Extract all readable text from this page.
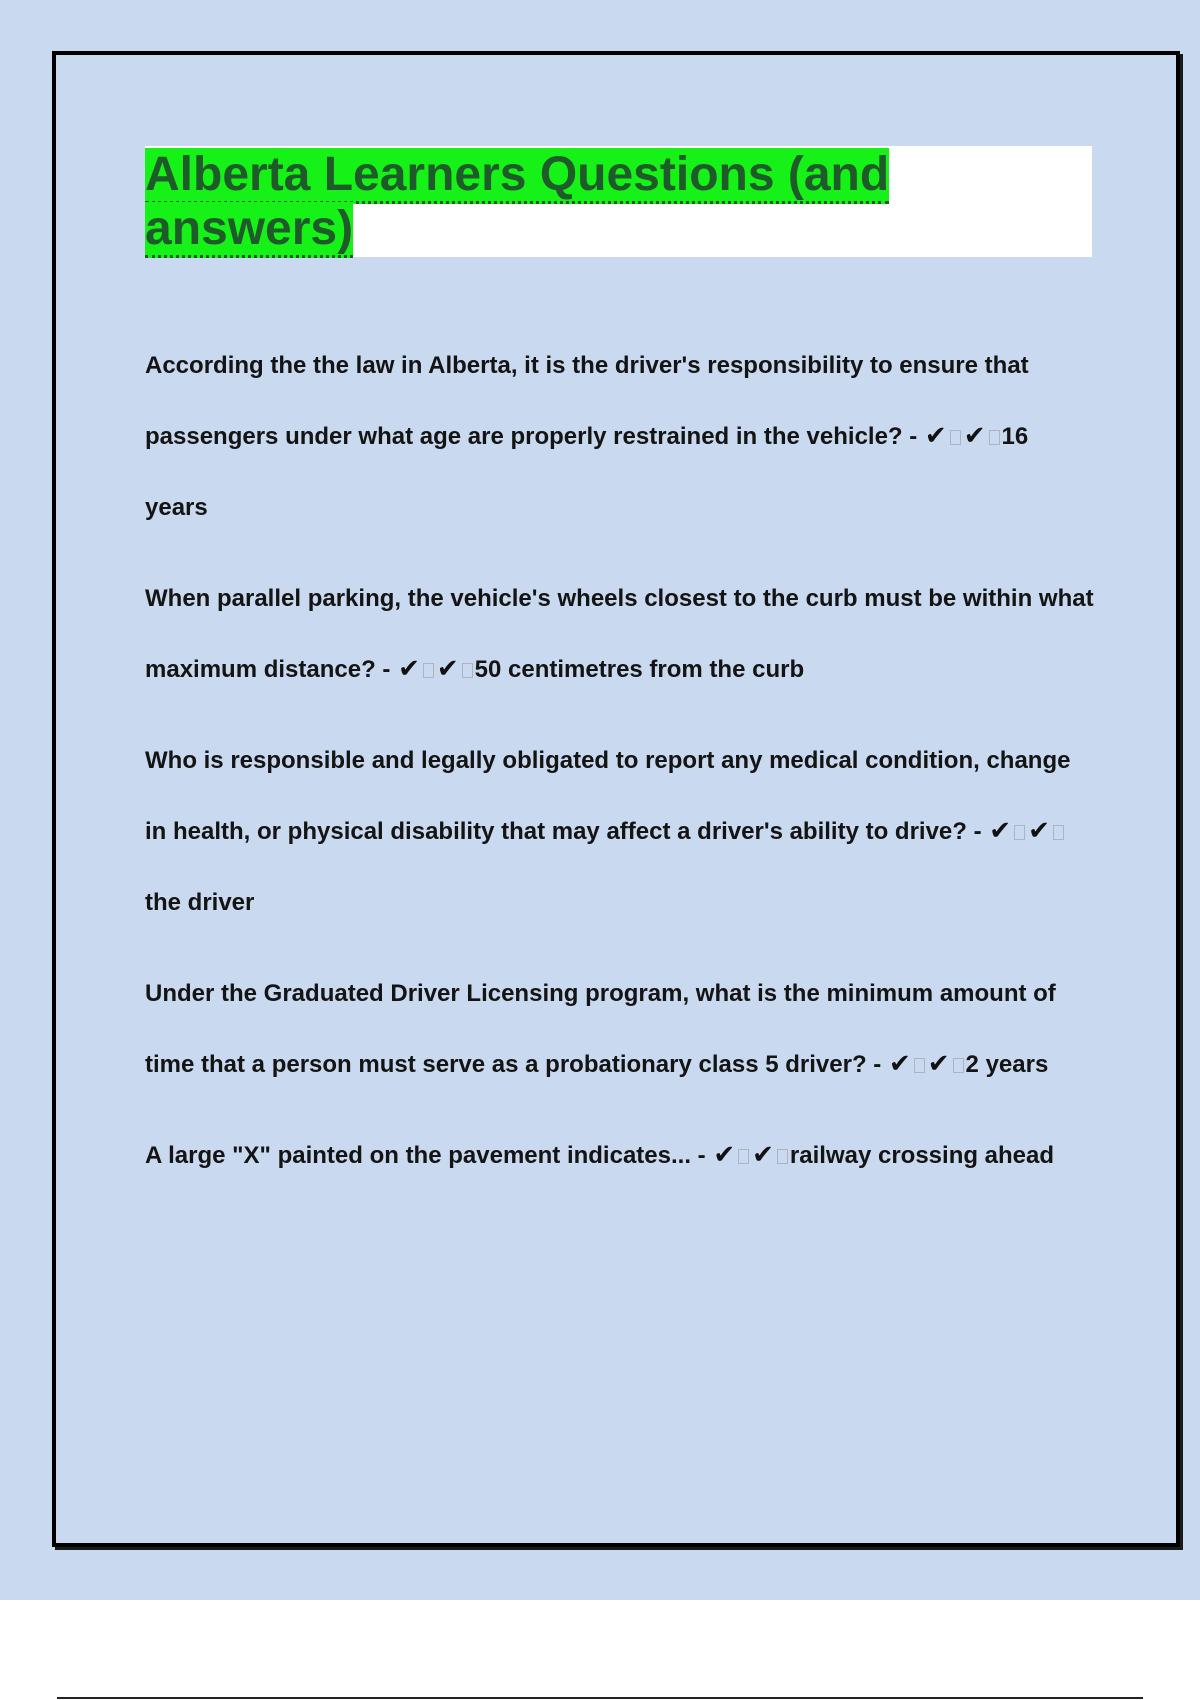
Alberta Learners Questions (and answers)

According the the law in Alberta, it is the driver's responsibility to ensure that passengers under what age are properly restrained in the vehicle? - ✔ ✔ 16 years

When parallel parking, the vehicle's wheels closest to the curb must be within what maximum distance? - ✔ ✔ 50 centimetres from the curb

Who is responsible and legally obligated to report any medical condition, change in health, or physical disability that may affect a driver's ability to drive? - ✔ ✔the driver

Under the Graduated Driver Licensing program, what is the minimum amount of time that a person must serve as a probationary class 5 driver? - ✔ ✔ 2 years

A large "X" painted on the pavement indicates... - ✔ ✔ railway crossing ahead
